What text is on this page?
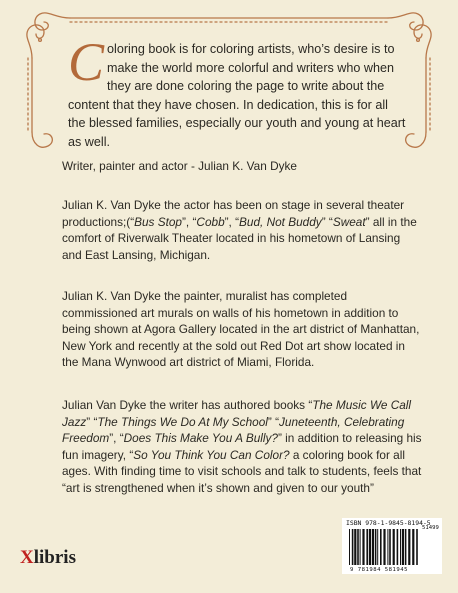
Coloring book is for coloring artists, who’s desire is to make the world more colorful and writers who when they are done coloring the page to write about the content that they have chosen. In dedication, this is for all the blessed families, especially our youth and young at heart as well.
Writer, painter and actor - Julian K. Van Dyke
Julian K. Van Dyke the actor has been on stage in several theater productions;(“Bus Stop”, “Cobb”, “Bud, Not Buddy” “Sweat” all in the comfort of Riverwalk Theater located in his hometown of Lansing and East Lansing, Michigan.
Julian K. Van Dyke the painter, muralist has completed commissioned art murals on walls of his hometown in addition to being shown at Agora Gallery located in the art district of Manhattan, New York and recently at the sold out Red Dot art show located in the Mana Wynwood art district of Miami, Florida.
Julian Van Dyke the writer has authored books “The Music We Call Jazz” “The Things We Do At My School” “Juneteenth, Celebrating Freedom”, “Does This Make You A Bully?” in addition to releasing his fun imagery, “So You Think You Can Color? a coloring book for all ages. With finding time to visit schools and talk to students, feels that “art is strengthened when it’s shown and given to our youth”
ISBN 978-1-9845-8194-5
51499
9 781984 581945
Xlibris
